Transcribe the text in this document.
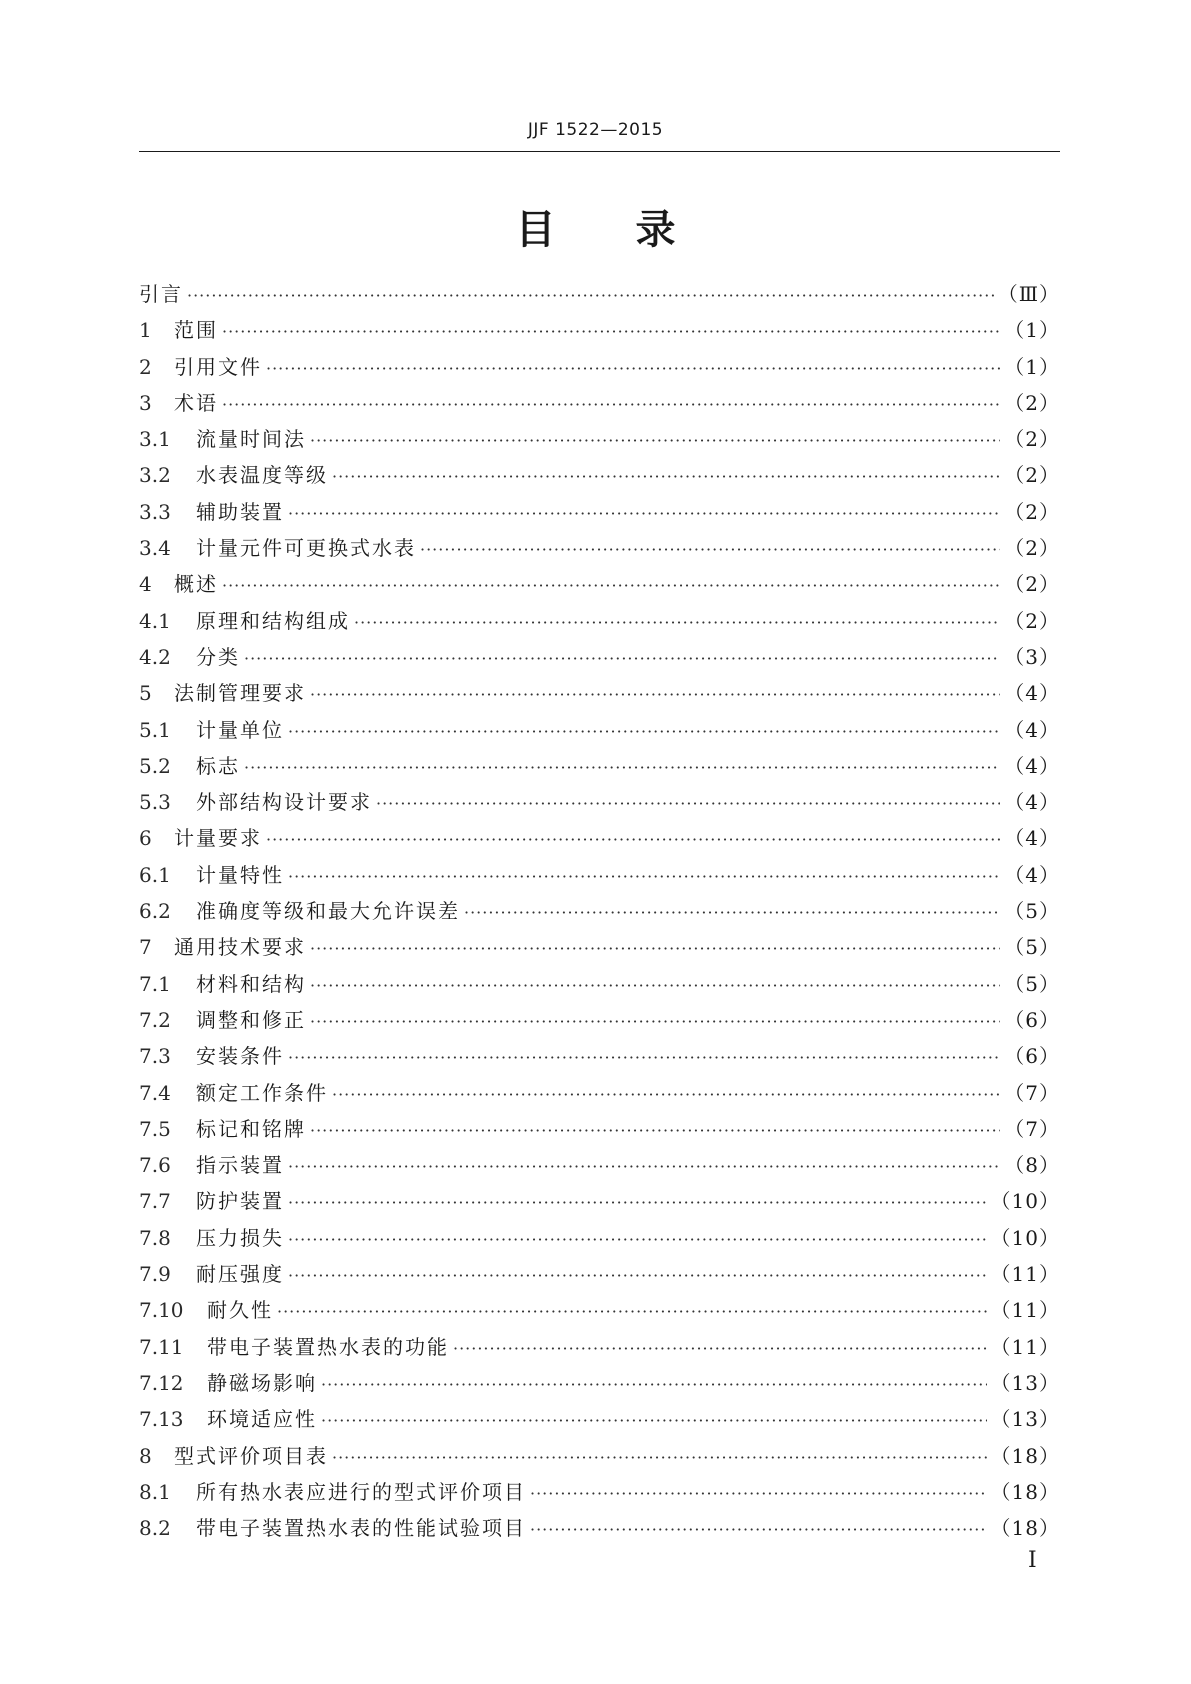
JJF 1522—2015
目录
引言 ·····	（Ⅲ）
1	范围 ·····	（1）
2	引用文件 ·····	（1）
3	术语 ·····	（2）
3.1	流量时间法 ·····	（2）
3.2	水表温度等级 ·····	（2）
3.3	辅助装置 ·····	（2）
3.4	计量元件可更换式水表 ·····	（2）
4	概述 ·····	（2）
4.1	原理和结构组成 ·····	（2）
4.2	分类 ·····	（3）
5	法制管理要求 ·····	（4）
5.1	计量单位 ·····	（4）
5.2	标志 ·····	（4）
5.3	外部结构设计要求 ·····	（4）
6	计量要求 ·····	（4）
6.1	计量特性 ·····	（4）
6.2	准确度等级和最大允许误差 ·····	（5）
7	通用技术要求 ·····	（5）
7.1	材料和结构 ·····	（5）
7.2	调整和修正 ·····	（6）
7.3	安装条件 ·····	（6）
7.4	额定工作条件 ·····	（7）
7.5	标记和铭牌 ·····	（7）
7.6	指示装置 ·····	（8）
7.7	防护装置 ·····	（10）
7.8	压力损失 ·····	（10）
7.9	耐压强度 ·····	（11）
7.10	耐久性 ·····	（11）
7.11	带电子装置热水表的功能 ·····	（11）
7.12	静磁场影响 ·····	（13）
7.13	环境适应性 ·····	（13）
8	型式评价项目表 ·····	（18）
8.1	所有热水表应进行的型式评价项目 ·····	（18）
8.2	带电子装置热水表的性能试验项目 ·····	（18）
Ⅰ
